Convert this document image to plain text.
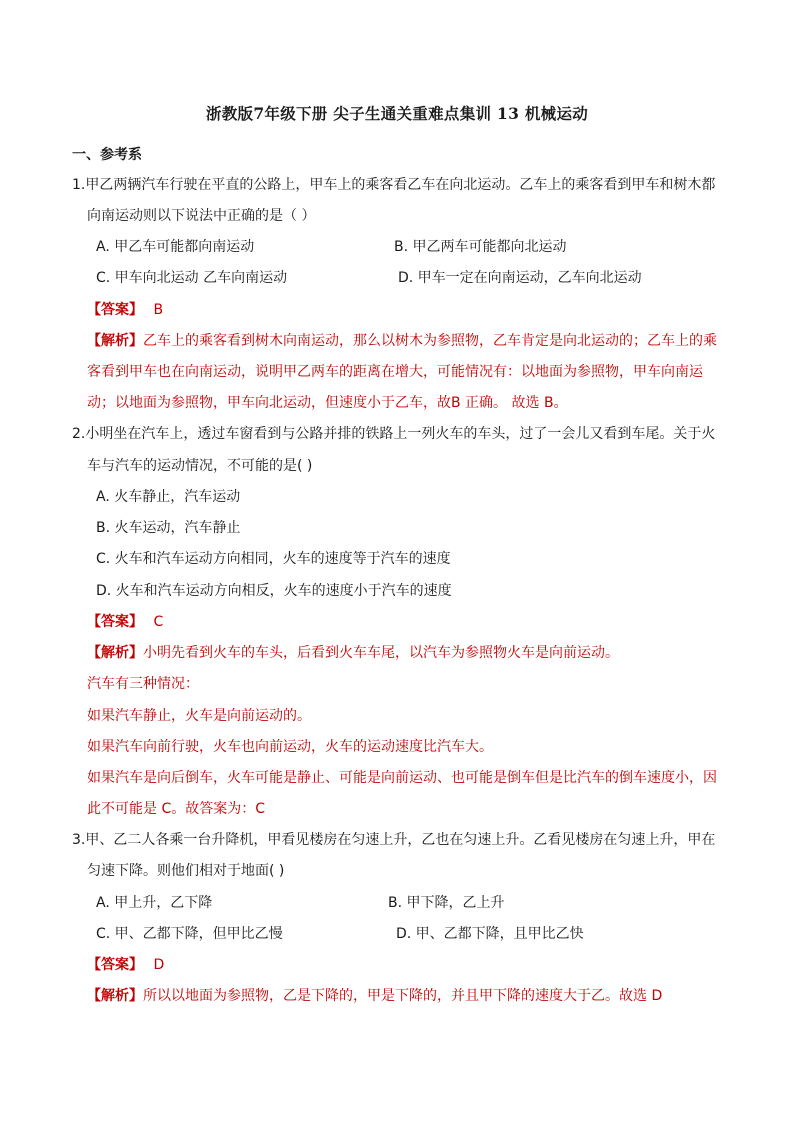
浙教版7年级下册 尖子生通关重难点集训 13 机械运动
一、参考系
1.甲乙两辆汽车行驶在平直的公路上，甲车上的乘客看乙车在向北运动。乙车上的乘客看到甲车和树木都
向南运动则以下说法中正确的是（ ）
A. 甲乙车可能都向南运动	B. 甲乙两车可能都向北运动
C. 甲车向北运动 乙车向南运动	D. 甲车一定在向南运动，乙车向北运动
【答案】 B
【解析】乙车上的乘客看到树木向南运动，那么以树木为参照物，乙车肯定是向北运动的；乙车上的乘
客看到甲车也在向南运动，说明甲乙两车的距离在增大，可能情况有：以地面为参照物，甲车向南运
动；以地面为参照物，甲车向北运动，但速度小于乙车，故B 正确。 故选 B。
2.小明坐在汽车上，透过车窗看到与公路并排的铁路上一列火车的车头，过了一会儿又看到车尾。关于火
车与汽车的运动情况，不可能的是( )
A. 火车静止，汽车运动
B. 火车运动，汽车静止
C. 火车和汽车运动方向相同，火车的速度等于汽车的速度
D. 火车和汽车运动方向相反，火车的速度小于汽车的速度
【答案】 C
【解析】小明先看到火车的车头，后看到火车车尾，以汽车为参照物火车是向前运动。
汽车有三种情况：
如果汽车静止，火车是向前运动的。
如果汽车向前行驶，火车也向前运动，火车的运动速度比汽车大。
如果汽车是向后倒车，火车可能是静止、可能是向前运动、也可能是倒车但是比汽车的倒车速度小，因
此不可能是 C。故答案为：C
3.甲、乙二人各乘一台升降机，甲看见楼房在匀速上升，乙也在匀速上升。乙看见楼房在匀速上升，甲在
匀速下降。则他们相对于地面( )
A. 甲上升，乙下降	B. 甲下降，乙上升
C. 甲、乙都下降，但甲比乙慢	D. 甲、乙都下降，且甲比乙快
【答案】 D
【解析】所以以地面为参照物，乙是下降的，甲是下降的，并且甲下降的速度大于乙。故选 D
